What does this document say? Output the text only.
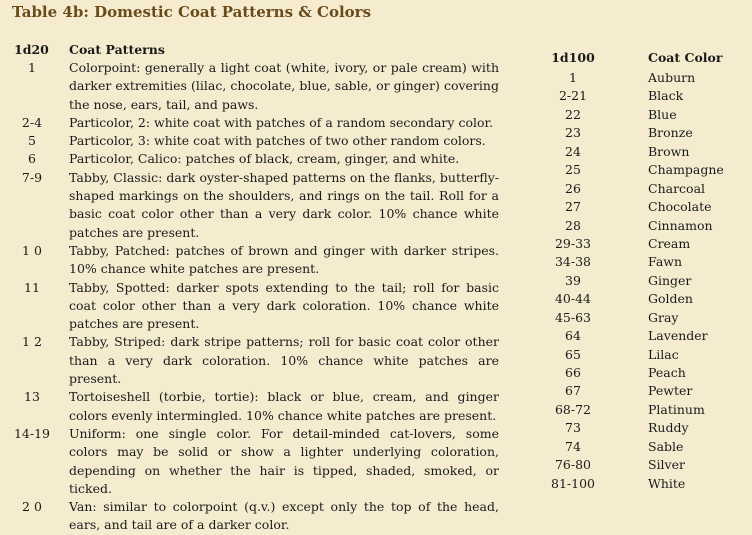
Table 4b: Domestic Coat Patterns & Colors
1d20 Coat Patterns
1	Colorpoint: generally a light coat (white, ivory, or pale cream) with darker extremities (lilac, chocolate, blue, sable, or ginger) covering the nose, ears, tail, and paws.
2-4	Particolor, 2: white coat with patches of a random secondary color.
5	Particolor, 3: white coat with patches of two other random colors.
6	Particolor, Calico: patches of black, cream, ginger, and white.
7-9	Tabby, Classic: dark oyster-shaped patterns on the flanks, butterfly-shaped markings on the shoulders, and rings on the tail. Roll for a basic coat color other than a very dark color. 10% chance white patches are present.
1 0	Tabby, Patched: patches of brown and ginger with darker stripes. 10% chance white patches are present.
11	Tabby, Spotted: darker spots extending to the tail; roll for basic coat color other than a very dark coloration. 10% chance white patches are present.
1 2	Tabby, Striped: dark stripe patterns; roll for basic coat color other than a very dark coloration. 10% chance white patches are present.
13	Tortoiseshell (torbie, tortie): black or blue, cream, and ginger colors evenly intermingled. 10% chance white patches are present.
14-19	Uniform: one single color. For detail-minded cat-lovers, some colors may be solid or show a lighter underlying coloration, depending on whether the hair is tipped, shaded, smoked, or ticked.
2 0	Van: similar to colorpoint (q.v.) except only the top of the head, ears, and tail are of a darker color.
1d100	Coat Color
1	Auburn
2-21	Black
22	Blue
23	Bronze
24	Brown
25	Champagne
26	Charcoal
27	Chocolate
28	Cinnamon
29-33	Cream
34-38	Fawn
39	Ginger
40-44	Golden
45-63	Gray
64	Lavender
65	Lilac
66	Peach
67	Pewter
68-72	Platinum
73	Ruddy
74	Sable
76-80	Silver
81-100	White
